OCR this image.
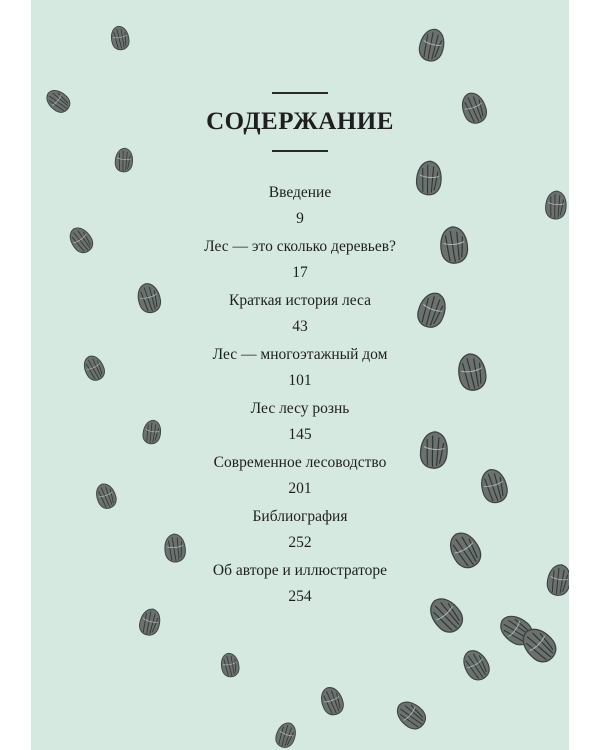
СОДЕРЖАНИЕ
Введение
9
Лес — это сколько деревьев?
17
Краткая история леса
43
Лес — многоэтажный дом
101
Лес лесу рознь
145
Современное лесоводство
201
Библиография
252
Об авторе и иллюстраторе
254
